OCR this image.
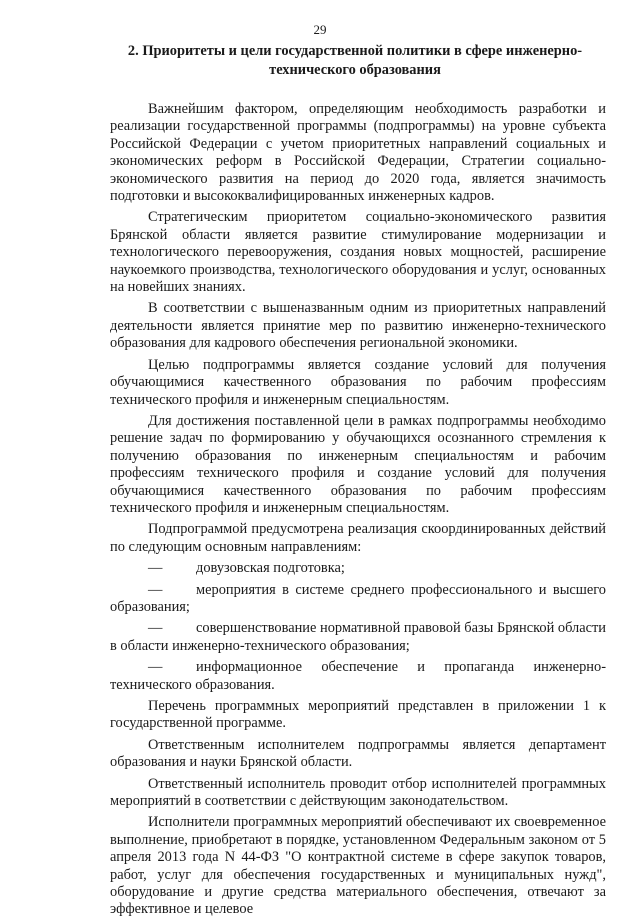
29
2. Приоритеты и цели государственной политики в сфере инженерно-технического образования

Важнейшим фактором, определяющим необходимость разработки и реализации государственной программы (подпрограммы) на уровне субъекта Российской Федерации с учетом приоритетных направлений социальных и экономических реформ в Российской Федерации, Стратегии социально-экономического развития на период до 2020 года, является значимость подготовки и высококвалифицированных инженерных кадров.

Стратегическим приоритетом социально-экономического развития Брянской области является развитие стимулирование модернизации и технологического перевооружения, создания новых мощностей, расширение наукоемкого производства, технологического оборудования и услуг, основанных на новейших знаниях.

В соответствии с вышеназванным одним из приоритетных направлений деятельности является принятие мер по развитию инженерно-технического образования для кадрового обеспечения региональной экономики.

Целью подпрограммы является создание условий для получения обучающимися качественного образования по рабочим профессиям технического профиля и инженерным специальностям.

Для достижения поставленной цели в рамках подпрограммы необходимо решение задач по формированию у обучающихся осознанного стремления к получению образования по инженерным специальностям и рабочим профессиям технического профиля и создание условий для получения обучающимися качественного образования по рабочим профессиям технического профиля и инженерным специальностям.

Подпрограммой предусмотрена реализация скоординированных действий по следующим основным направлениям:

— довузовская подготовка;

— мероприятия в системе среднего профессионального и высшего образования;

— совершенствование нормативной правовой базы Брянской области в области инженерно-технического образования;

— информационное обеспечение и пропаганда инженерно-технического образования.

Перечень программных мероприятий представлен в приложении 1 к государственной программе.

Ответственным исполнителем подпрограммы является департамент образования и науки Брянской области.

Ответственный исполнитель проводит отбор исполнителей программных мероприятий в соответствии с действующим законодательством.

Исполнители программных мероприятий обеспечивают их своевременное выполнение, приобретают в порядке, установленном Федеральным законом от 5 апреля 2013 года N 44-ФЗ "О контрактной системе в сфере закупок товаров, работ, услуг для обеспечения государственных и муниципальных нужд", оборудование и другие средства материального обеспечения, отвечают за эффективное и целевое
